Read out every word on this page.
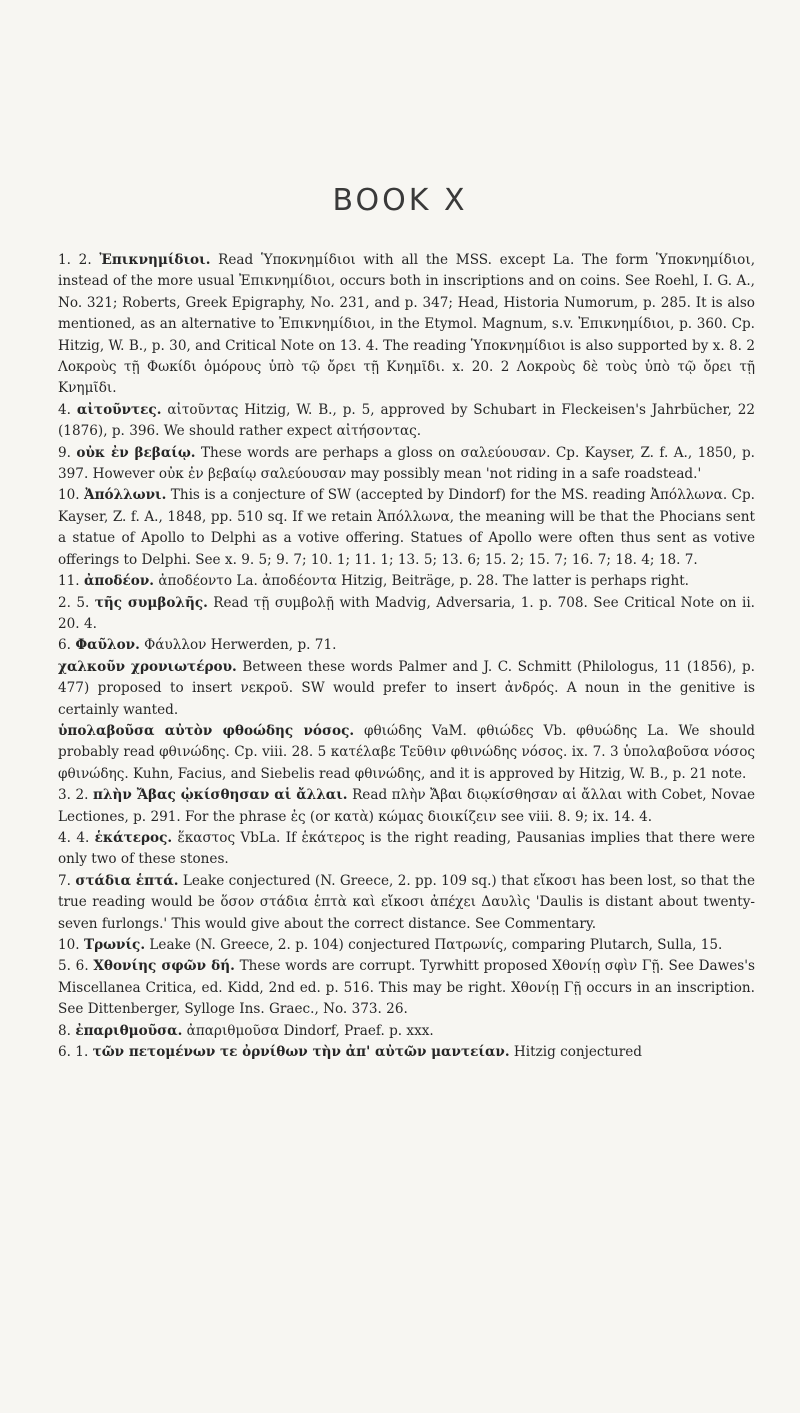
BOOK X

1. 2. Ἐπικνημίδιοι. Read Ὑποκνημίδιοι with all the MSS. except La. The form Ὑποκνημίδιοι, instead of the more usual Ἐπικνημίδιοι, occurs both in inscriptions and on coins. See Roehl, I. G. A., No. 321; Roberts, Greek Epigraphy, No. 231, and p. 347; Head, Historia Numorum, p. 285. It is also mentioned, as an alternative to Ἐπικνημίδιοι, in the Etymol. Magnum, s.v. Ἐπικνημίδιοι, p. 360. Cp. Hitzig, W. B., p. 30, and Critical Note on 13. 4. The reading Ὑποκνημίδιοι is also supported by x. 8. 2 Λοκροὺς τῇ Φωκίδι ὁμόρους ὑπὸ τῷ ὄρει τῇ Κνημῖδι. x. 20. 2 Λοκροὺς δὲ τοὺς ὑπὸ τῷ ὄρει τῇ Κνημῖδι.

4. αἰτοῦντες. αἰτοῦντας Hitzig, W. B., p. 5, approved by Schubart in Fleckeisen's Jahrbücher, 22 (1876), p. 396. We should rather expect αἰτήσοντας.

9. οὐκ ἐν βεβαίῳ. These words are perhaps a gloss on σαλεύουσαν. Cp. Kayser, Z. f. A., 1850, p. 397. However οὐκ ἐν βεβαίῳ σαλεύουσαν may possibly mean 'not riding in a safe roadstead.'

10. Ἀπόλλωνι. This is a conjecture of SW (accepted by Dindorf) for the MS. reading Ἀπόλλωνα. Cp. Kayser, Z. f. A., 1848, pp. 510 sq. If we retain Ἀπόλλωνα, the meaning will be that the Phocians sent a statue of Apollo to Delphi as a votive offering. Statues of Apollo were often thus sent as votive offerings to Delphi. See x. 9. 5; 9. 7; 10. 1; 11. 1; 13. 5; 13. 6; 15. 2; 15. 7; 16. 7; 18. 4; 18. 7.

11. ἀποδέον. ἀποδέοντο La. ἀποδέοντα Hitzig, Beiträge, p. 28. The latter is perhaps right.

2. 5. τῆς συμβολῆς. Read τῇ συμβολῇ with Madvig, Adversaria, 1. p. 708. See Critical Note on ii. 20. 4.

6. Φαῦλον. Φάυλλον Herwerden, p. 71.

χαλκοῦν χρονιωτέρου. Between these words Palmer and J. C. Schmitt (Philologus, 11 (1856), p. 477) proposed to insert νεκροῦ. SW would prefer to insert ἀνδρός. A noun in the genitive is certainly wanted.

ὑπολαβοῦσα αὐτὸν φθοώδης νόσος. φθιώδης VaM. φθιώδες Vb. φθυώδης La. We should probably read φθινώδης. Cp. viii. 28. 5 κατέλαβε Τεῦθιν φθινώδης νόσος. ix. 7. 3 ὑπολαβοῦσα νόσος φθινώδης. Kuhn, Facius, and Siebelis read φθινώδης, and it is approved by Hitzig, W. B., p. 21 note.

3. 2. πλὴν Ἄβας ᾠκίσθησαν αἱ ἄλλαι. Read πλὴν Ἄβαι διῳκίσθησαν αἱ ἄλλαι with Cobet, Novae Lectiones, p. 291. For the phrase ἐς (or κατὰ) κώμας διοικίζειν see viii. 8. 9; ix. 14. 4.

4. 4. ἑκάτερος. ἕκαστος VbLa. If ἑκάτερος is the right reading, Pausanias implies that there were only two of these stones.

7. στάδια ἑπτά. Leake conjectured (N. Greece, 2. pp. 109 sq.) that εἴκοσι has been lost, so that the true reading would be ὅσον στάδια ἑπτὰ καὶ εἴκοσι ἀπέχει Δαυλὶς 'Daulis is distant about twenty-seven furlongs.' This would give about the correct distance. See Commentary.

10. Τρωνίς. Leake (N. Greece, 2. p. 104) conjectured Πατρωνίς, comparing Plutarch, Sulla, 15.

5. 6. Χθονίης σφῶν δή. These words are corrupt. Tyrwhitt proposed Χθονίῃ σφὶν Γῇ. See Dawes's Miscellanea Critica, ed. Kidd, 2nd ed. p. 516. This may be right. Χθονίῃ Γῇ occurs in an inscription. See Dittenberger, Sylloge Ins. Graec., No. 373. 26.

8. ἐπαριθμοῦσα. ἀπαριθμοῦσα Dindorf, Praef. p. xxx.

6. 1. τῶν πετομένων τε ὀρνίθων τὴν ἀπ' αὐτῶν μαντείαν. Hitzig conjectured
